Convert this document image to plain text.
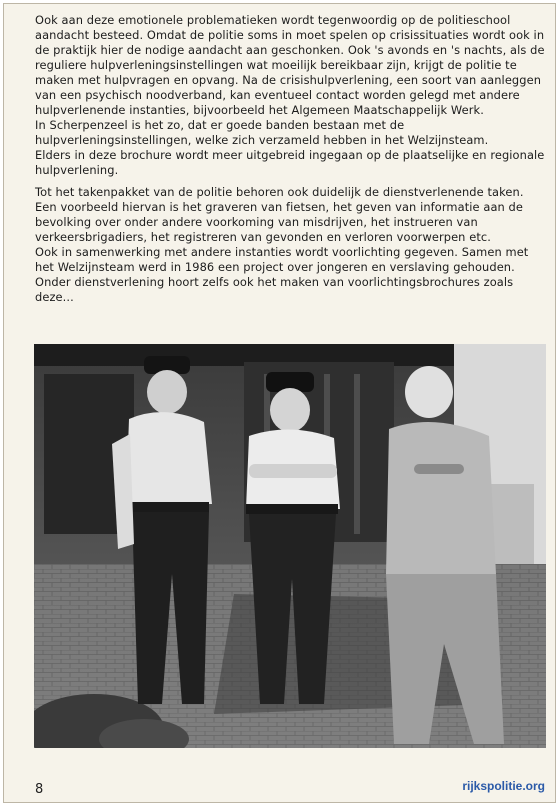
Ook aan deze emotionele problematieken wordt tegenwoordig op de politieschool aandacht besteed. Omdat de politie soms in moet spelen op crisissituaties wordt ook in de praktijk hier de nodige aandacht aan geschonken. Ook 's avonds en 's nachts, als de reguliere hulpverleningsinstellingen wat moeilijk bereikbaar zijn, krijgt de politie te maken met hulpvragen en opvang. Na de crisishulpverlening, een soort van aanleggen van een psychisch noodverband, kan eventueel contact worden gelegd met andere hulpverlenende instanties, bijvoorbeeld het Algemeen Maatschappelijk Werk.

In Scherpenzeel is het zo, dat er goede banden bestaan met de hulpverleningsinstellingen, welke zich verzameld hebben in het Welzijnsteam.

Elders in deze brochure wordt meer uitgebreid ingegaan op de plaatselijke en regionale hulpverlening.

Tot het takenpakket van de politie behoren ook duidelijk de dienstverlenende taken. Een voorbeeld hiervan is het graveren van fietsen, het geven van informatie aan de bevolking over onder andere voorkoming van misdrijven, het instrueren van verkeersbrigadiers, het registreren van gevonden en verloren voorwerpen etc.

Ook in samenwerking met andere instanties wordt voorlichting gegeven. Samen met het Welzijnsteam werd in 1986 een project over jongeren en verslaving gehouden. Onder dienstverlening hoort zelfs ook het maken van voorlichtingsbrochures zoals deze...

8	rijkspolitie.org
